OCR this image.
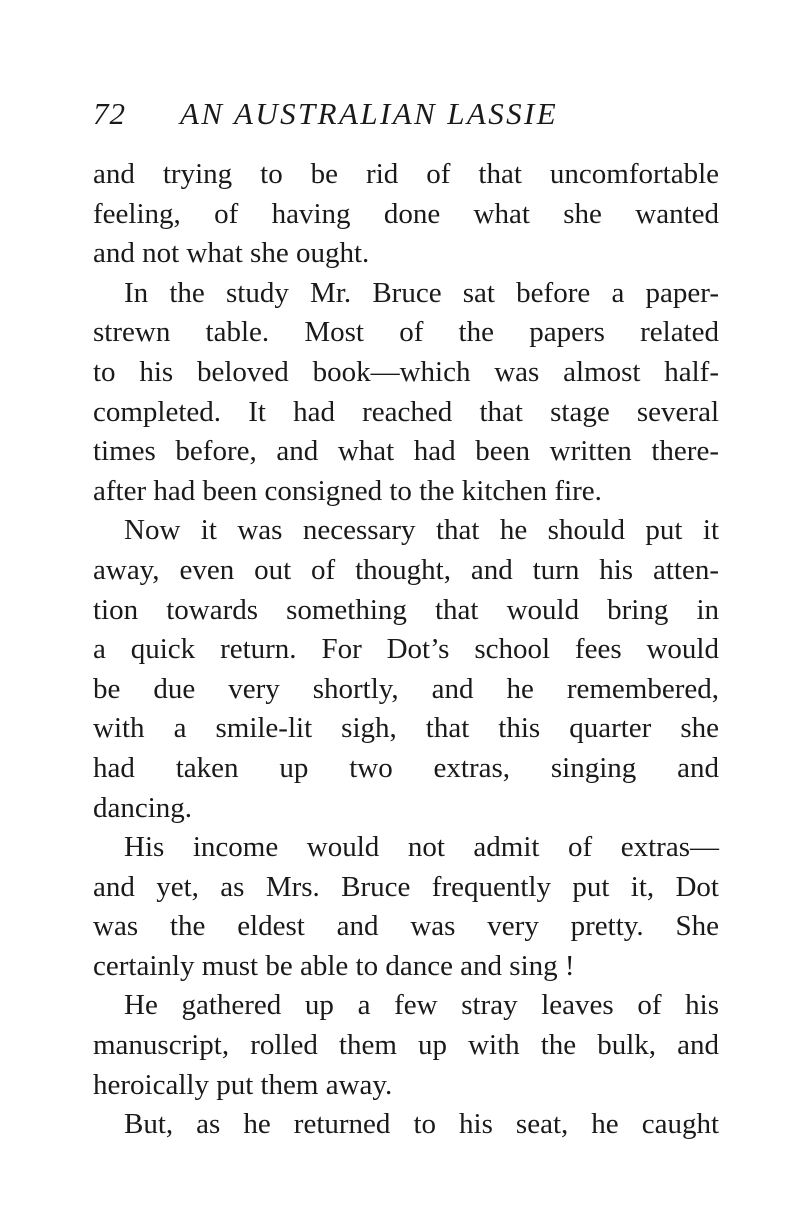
72 AN AUSTRALIAN LASSIE
and trying to be rid of that uncomfortable
feeling, of having done what she wanted
and not what she ought.
In the study Mr. Bruce sat before a paper-
strewn table. Most of the papers related
to his beloved book—which was almost half-
completed. It had reached that stage several
times before, and what had been written there-
after had been consigned to the kitchen fire.
Now it was necessary that he should put it
away, even out of thought, and turn his atten-
tion towards something that would bring in
a quick return. For Dot’s school fees would
be due very shortly, and he remembered,
with a smile-lit sigh, that this quarter she
had taken up two extras, singing and
dancing.
His income would not admit of extras—
and yet, as Mrs. Bruce frequently put it, Dot
was the eldest and was very pretty. She
certainly must be able to dance and sing !
He gathered up a few stray leaves of his
manuscript, rolled them up with the bulk, and
heroically put them away.
But, as he returned to his seat, he caught
